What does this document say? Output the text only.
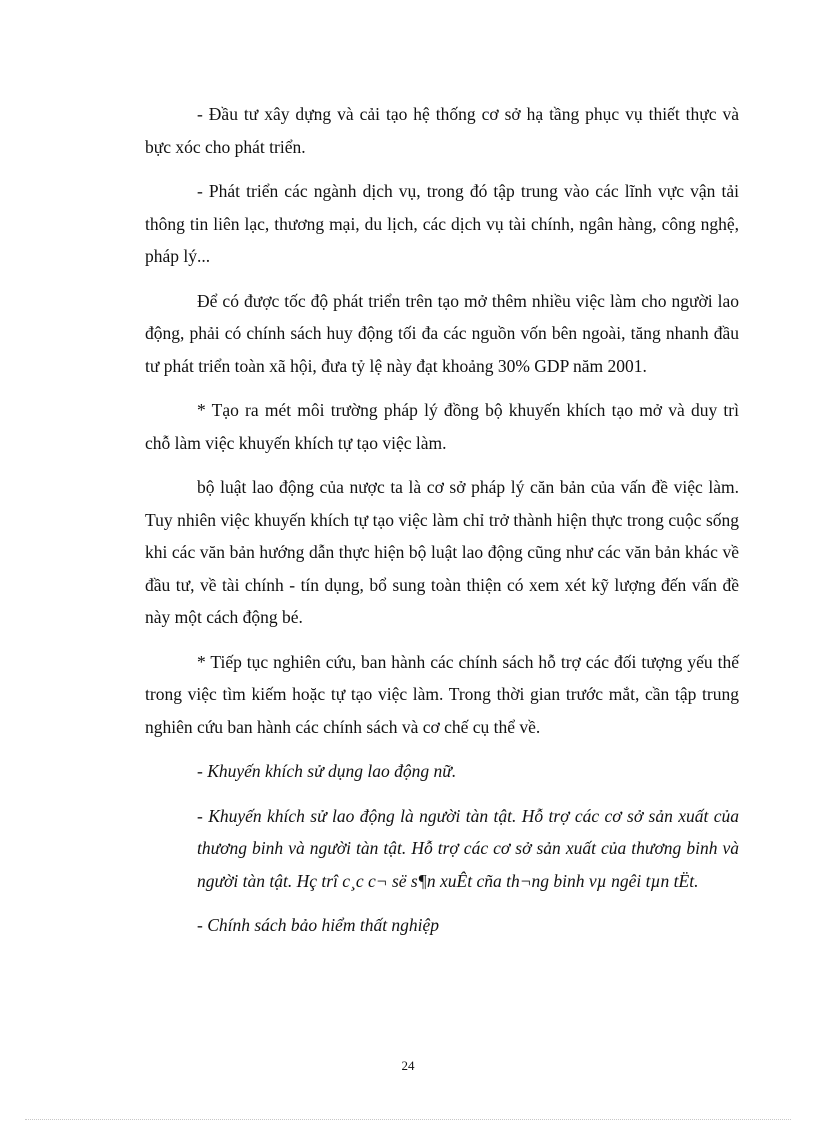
- Đầu tư xây dựng và cải tạo hệ thống cơ sở hạ tầng phục vụ thiết thực và bực xóc cho phát triển.

- Phát triển các ngành dịch vụ, trong đó tập trung vào các lĩnh vực vận tải thông tin liên lạc, thương mại, du lịch, các dịch vụ tài chính, ngân hàng, công nghệ, pháp lý...

Để có được tốc độ phát triển trên tạo mở thêm nhiều việc làm cho người lao động, phải có chính sách huy động tối đa các nguồn vốn bên ngoài, tăng nhanh đầu tư phát triển toàn xã hội, đưa tỷ lệ này đạt khoảng 30% GDP năm 2001.

* Tạo ra mét môi trường pháp lý đồng bộ khuyến khích tạo mở và duy trì chỗ làm việc khuyến khích tự tạo việc làm.

bộ luật lao động của nược ta là cơ sở pháp lý căn bản của vấn đề việc làm. Tuy nhiên việc khuyến khích tự tạo việc làm chỉ trở thành hiện thực trong cuộc sống khi các văn bản hướng dẫn thực hiện bộ luật lao động cũng như các văn bản khác về đầu tư, về tài chính - tín dụng, bổ sung toàn thiện có xem xét kỹ lượng đến vấn đề này một cách động bé.

* Tiếp tục nghiên cứu, ban hành các chính sách hỗ trợ các đối tượng yếu thế trong việc tìm kiếm hoặc tự tạo việc làm. Trong thời gian trước mắt, cần tập trung nghiên cứu ban hành các chính sách và cơ chế cụ thể về.

- Khuyến khích sử dụng lao động nữ.

- Khuyến khích sử lao động là người tàn tật. Hỗ trợ các cơ sở sản xuất của thương binh và người tàn tật. Hỗ trợ các cơ sở sản xuất của thương binh và người tàn tật. Hç trî c¸c c¬ së s¶n xuÊt cña th¬ng binh vµ ngêi tµn tËt.

- Chính sách bảo hiểm thất nghiệp

24
